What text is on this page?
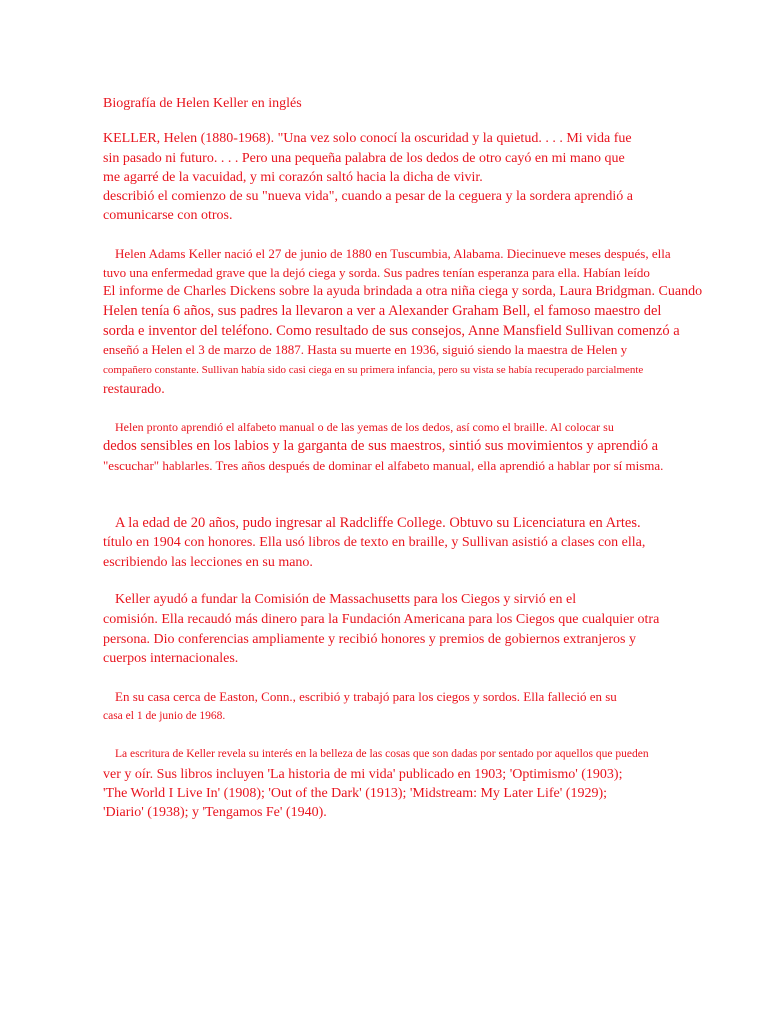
Biografía de Helen Keller en inglés
KELLER, Helen (1880-1968). "Una vez solo conocí la oscuridad y la quietud. . . . Mi vida fue
sin pasado ni futuro. . . . Pero una pequeña palabra de los dedos de otro cayó en mi mano que
me agarré de la vacuidad, y mi corazón saltó hacia la dicha de vivir.
describió el comienzo de su "nueva vida", cuando a pesar de la ceguera y la sordera aprendió a
comunicarse con otros.
Helen Adams Keller nació el 27 de junio de 1880 en Tuscumbia, Alabama. Diecinueve meses después, ella
tuvo una enfermedad grave que la dejó ciega y sorda. Sus padres tenían esperanza para ella. Habían leído
El informe de Charles Dickens sobre la ayuda brindada a otra niña ciega y sorda, Laura Bridgman. Cuando
Helen tenía 6 años, sus padres la llevaron a ver a Alexander Graham Bell, el famoso maestro del
sorda e inventor del teléfono. Como resultado de sus consejos, Anne Mansfield Sullivan comenzó a
enseñó a Helen el 3 de marzo de 1887. Hasta su muerte en 1936, siguió siendo la maestra de Helen y
compañero constante. Sullivan había sido casi ciega en su primera infancia, pero su vista se había recuperado parcialmente
restaurado.
Helen pronto aprendió el alfabeto manual o de las yemas de los dedos, así como el braille. Al colocar su
dedos sensibles en los labios y la garganta de sus maestros, sintió sus movimientos y aprendió a
"escuchar" hablarles. Tres años después de dominar el alfabeto manual, ella aprendió a hablar por sí misma.
A la edad de 20 años, pudo ingresar al Radcliffe College. Obtuvo su Licenciatura en Artes.
título en 1904 con honores. Ella usó libros de texto en braille, y Sullivan asistió a clases con ella,
escribiendo las lecciones en su mano.
Keller ayudó a fundar la Comisión de Massachusetts para los Ciegos y sirvió en el
comisión. Ella recaudó más dinero para la Fundación Americana para los Ciegos que cualquier otra
persona. Dio conferencias ampliamente y recibió honores y premios de gobiernos extranjeros y
cuerpos internacionales.
En su casa cerca de Easton, Conn., escribió y trabajó para los ciegos y sordos. Ella falleció en su
casa el 1 de junio de 1968.
La escritura de Keller revela su interés en la belleza de las cosas que son dadas por sentado por aquellos que pueden
ver y oír. Sus libros incluyen 'La historia de mi vida' publicado en 1903; 'Optimismo' (1903);
'The World I Live In' (1908); 'Out of the Dark' (1913); 'Midstream: My Later Life' (1929);
'Diario' (1938); y 'Tengamos Fe' (1940).
